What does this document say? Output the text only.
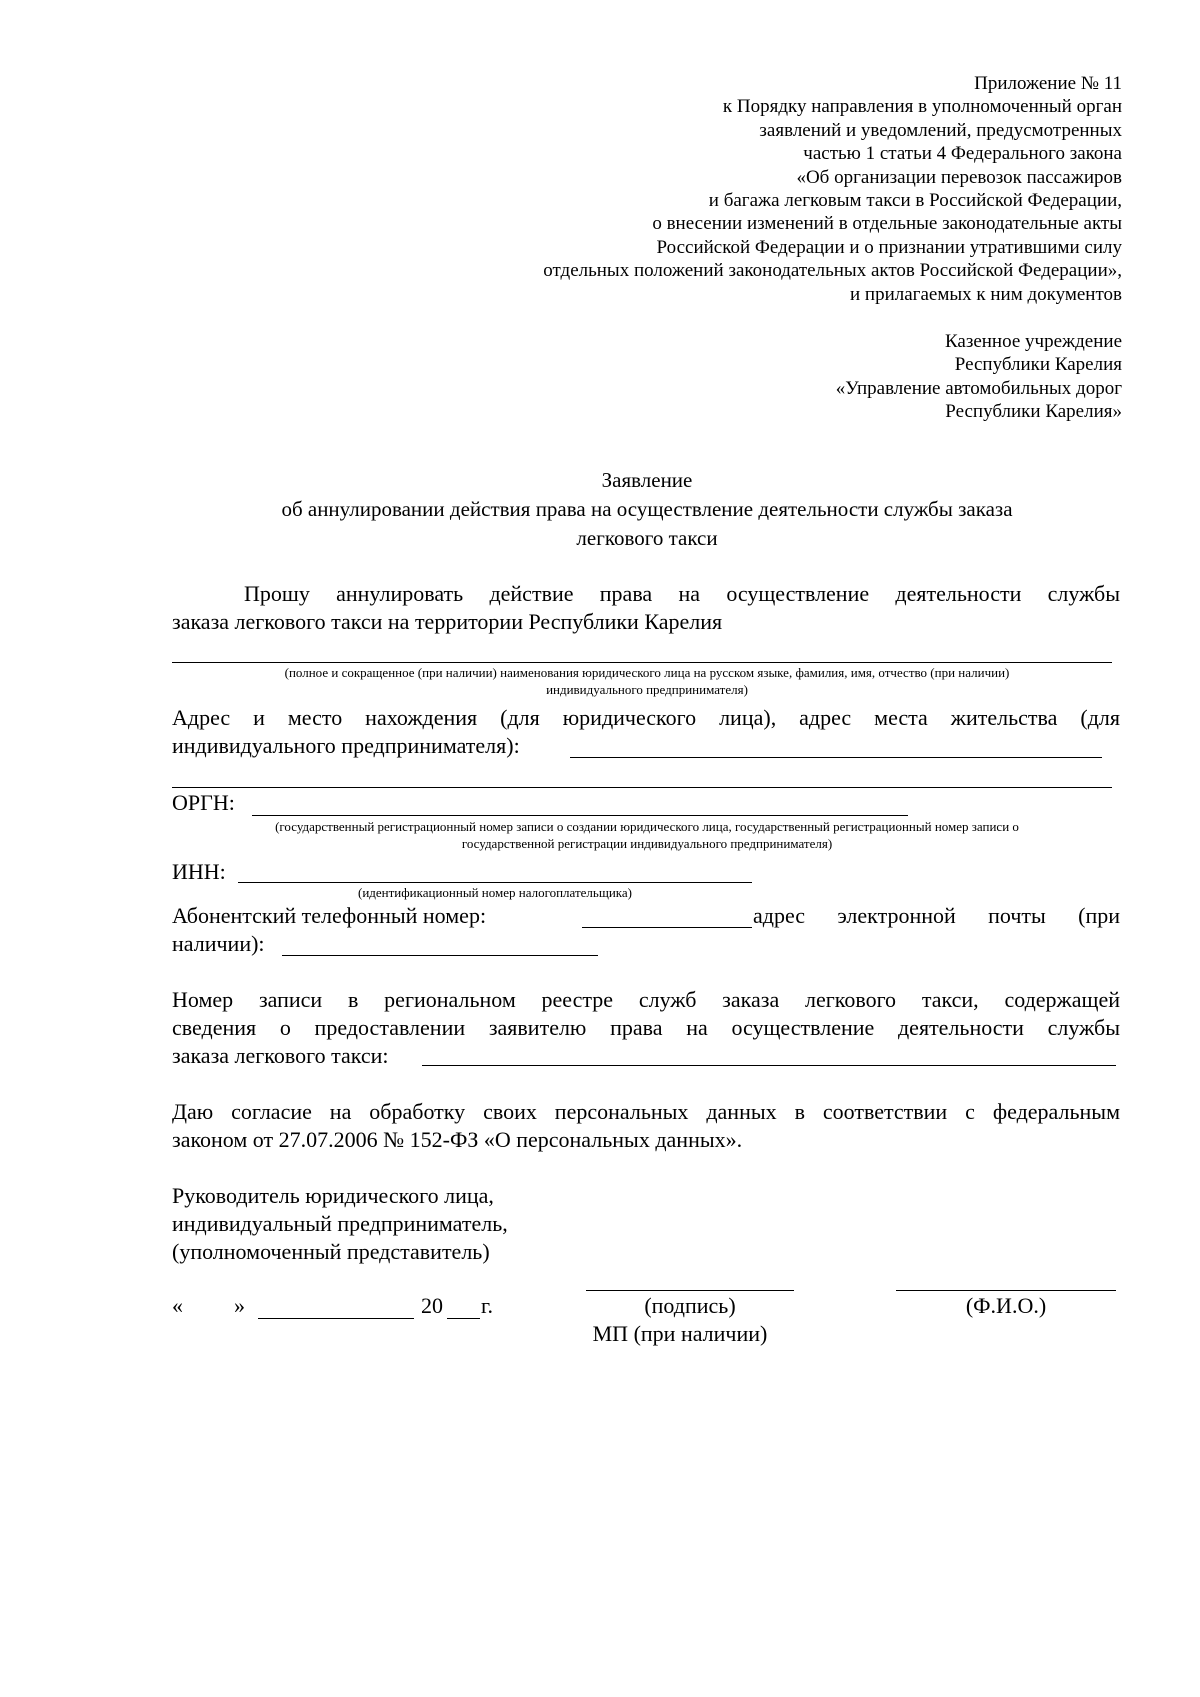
Приложение № 11
к Порядку направления в уполномоченный орган
заявлений и уведомлений, предусмотренных
частью 1 статьи 4 Федерального закона
«Об организации перевозок пассажиров
и багажа легковым такси в Российской Федерации,
о внесении изменений в отдельные законодательные акты
Российской Федерации и о признании утратившими силу
отдельных положений законодательных актов Российской Федерации»,
и прилагаемых к ним документов
Казенное учреждение
Республики Карелия
«Управление автомобильных дорог
Республики Карелия»
Заявление
об аннулировании действия права на осуществление деятельности службы заказа
легкового такси
Прошу аннулировать действие права на осуществление деятельности службы
заказа легкового такси на территории Республики Карелия
(полное и сокращенное (при наличии) наименования юридического лица на русском языке, фамилия, имя, отчество (при наличии)
индивидуального предпринимателя)
Адрес и место нахождения (для юридического лица), адрес места жительства (для
индивидуального предпринимателя):
ОРГН:
(государственный регистрационный номер записи о создании юридического лица, государственный регистрационный номер записи о
государственной регистрации индивидуального предпринимателя)
ИНН:
(идентификационный номер налогоплательщика)
Абонентский телефонный номер:	адрес электронной почты (при
наличии):
Номер записи в региональном реестре служб заказа легкового такси, содержащей
сведения о предоставлении заявителю права на осуществление деятельности службы
заказа легкового такси:
Даю согласие на обработку своих персональных данных в соответствии с федеральным
законом от 27.07.2006 № 152-ФЗ «О персональных данных».
Руководитель юридического лица,
индивидуальный предприниматель,
(уполномоченный представитель)
« »	20 г.	(подпись)	(Ф.И.О.)
МП (при наличии)
